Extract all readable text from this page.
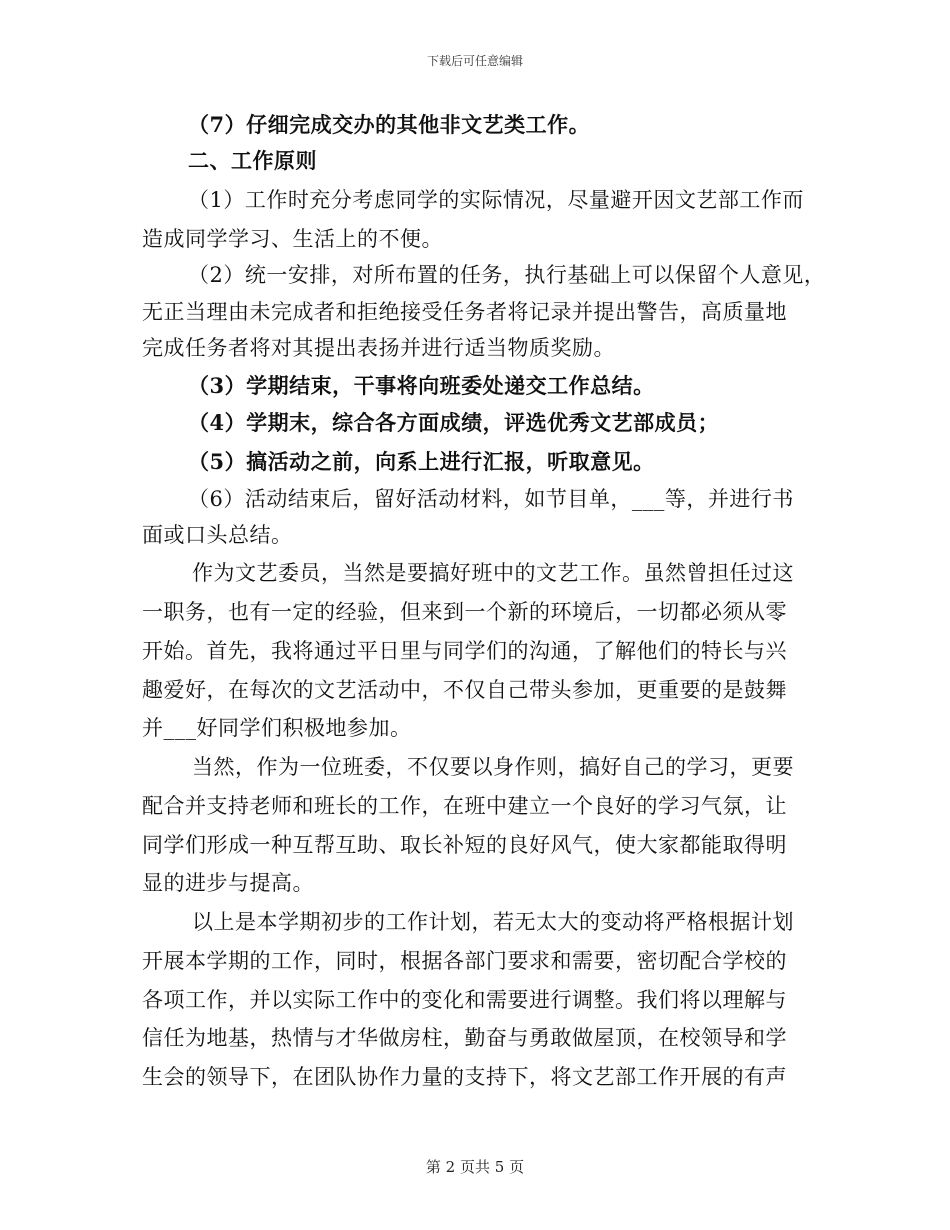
下载后可任意编辑
（7）仔细完成交办的其他非文艺类工作。
二、工作原则
（1）工作时充分考虑同学的实际情况，尽量避开因文艺部工作而
造成同学学习、生活上的不便。
（2）统一安排，对所布置的任务，执行基础上可以保留个人意见，
无正当理由未完成者和拒绝接受任务者将记录并提出警告，高质量地
完成任务者将对其提出表扬并进行适当物质奖励。
（3）学期结束，干事将向班委处递交工作总结。
（4）学期末，综合各方面成绩，评选优秀文艺部成员；
（5）搞活动之前，向系上进行汇报，听取意见。
（6）活动结束后，留好活动材料，如节目单，___等，并进行书
面或口头总结。
作为文艺委员，当然是要搞好班中的文艺工作。虽然曾担任过这
一职务，也有一定的经验，但来到一个新的环境后，一切都必须从零
开始。首先，我将通过平日里与同学们的沟通，了解他们的特长与兴
趣爱好，在每次的文艺活动中，不仅自己带头参加，更重要的是鼓舞
并___好同学们积极地参加。
当然，作为一位班委，不仅要以身作则，搞好自己的学习，更要
配合并支持老师和班长的工作，在班中建立一个良好的学习气氛，让
同学们形成一种互帮互助、取长补短的良好风气，使大家都能取得明
显的进步与提高。
以上是本学期初步的工作计划，若无太大的变动将严格根据计划
开展本学期的工作，同时，根据各部门要求和需要，密切配合学校的
各项工作，并以实际工作中的变化和需要进行调整。我们将以理解与
信任为地基，热情与才华做房柱，勤奋与勇敢做屋顶，在校领导和学
生会的领导下，在团队协作力量的支持下，将文艺部工作开展的有声
第 2 页共 5 页
